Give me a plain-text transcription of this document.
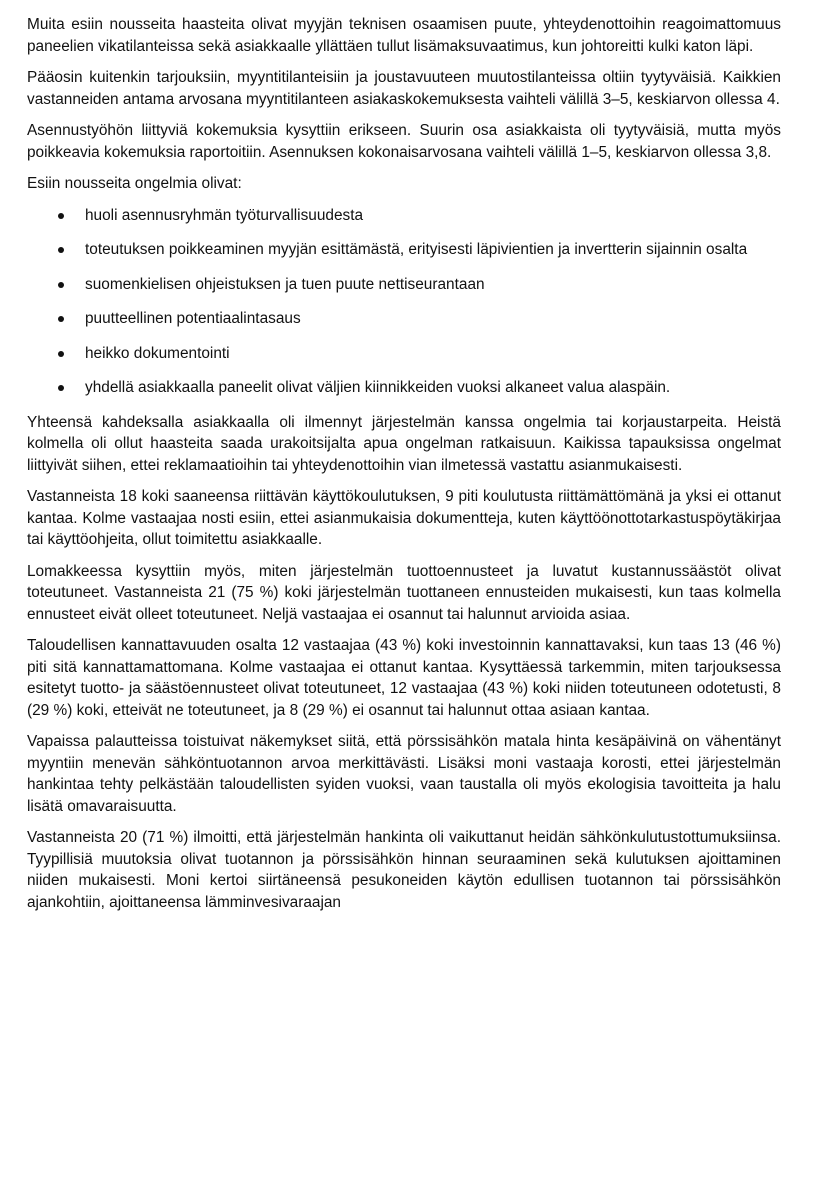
Muita esiin nousseita haasteita olivat myyjän teknisen osaamisen puute, yhteydenottoihin reagoimattomuus paneelien vikatilanteissa sekä asiakkaalle yllättäen tullut lisämaksuvaatimus, kun johtoreitti kulki katon läpi.

Pääosin kuitenkin tarjouksiin, myyntitilanteisiin ja joustavuuteen muutostilanteissa oltiin tyytyväisiä. Kaikkien vastanneiden antama arvosana myyntitilanteen asiakaskokemuksesta vaihteli välillä 3–5, keskiarvon ollessa 4.

Asennustyöhön liittyviä kokemuksia kysyttiin erikseen. Suurin osa asiakkaista oli tyytyväisiä, mutta myös poikkeavia kokemuksia raportoitiin. Asennuksen kokonaisarvosana vaihteli välillä 1–5, keskiarvon ollessa 3,8.

Esiin nousseita ongelmia olivat:

huoli asennusryhmän työturvallisuudesta
toteutuksen poikkeaminen myyjän esittämästä, erityisesti läpivientien ja invertterin sijainnin osalta
suomenkielisen ohjeistuksen ja tuen puute nettiseurantaan
puutteellinen potentiaalintasaus
heikko dokumentointi
yhdellä asiakkaalla paneelit olivat väljien kiinnikkeiden vuoksi alkaneet valua alaspäin.

Yhteensä kahdeksalla asiakkaalla oli ilmennyt järjestelmän kanssa ongelmia tai korjaustarpeita. Heistä kolmella oli ollut haasteita saada urakoitsijalta apua ongelman ratkaisuun. Kaikissa tapauksissa ongelmat liittyivät siihen, ettei reklamaatioihin tai yhteydenottoihin vian ilmetessä vastattu asianmukaisesti.

Vastanneista 18 koki saaneensa riittävän käyttökoulutuksen, 9 piti koulutusta riittämättömänä ja yksi ei ottanut kantaa. Kolme vastaajaa nosti esiin, ettei asianmukaisia dokumentteja, kuten käyttöönottotarkastuspöytäkirjaa tai käyttöohjeita, ollut toimitettu asiakkaalle.

Lomakkeessa kysyttiin myös, miten järjestelmän tuottoennusteet ja luvatut kustannussäästöt olivat toteutuneet. Vastanneista 21 (75 %) koki järjestelmän tuottaneen ennusteiden mukaisesti, kun taas kolmella ennusteet eivät olleet toteutuneet. Neljä vastaajaa ei osannut tai halunnut arvioida asiaa.

Taloudellisen kannattavuuden osalta 12 vastaajaa (43 %) koki investoinnin kannattavaksi, kun taas 13 (46 %) piti sitä kannattamattomana. Kolme vastaajaa ei ottanut kantaa. Kysyttäessä tarkemmin, miten tarjouksessa esitetyt tuotto- ja säästöennusteet olivat toteutuneet, 12 vastaajaa (43 %) koki niiden toteutuneen odotetusti, 8 (29 %) koki, etteivät ne toteutuneet, ja 8 (29 %) ei osannut tai halunnut ottaa asiaan kantaa.

Vapaissa palautteissa toistuivat näkemykset siitä, että pörssisähkön matala hinta kesäpäivinä on vähentänyt myyntiin menevän sähköntuotannon arvoa merkittävästi. Lisäksi moni vastaaja korosti, ettei järjestelmän hankintaa tehty pelkästään taloudellisten syiden vuoksi, vaan taustalla oli myös ekologisia tavoitteita ja halu lisätä omavaraisuutta.

Vastanneista 20 (71 %) ilmoitti, että järjestelmän hankinta oli vaikuttanut heidän sähkönkulutustottumuksiinsa. Tyypillisiä muutoksia olivat tuotannon ja pörssisähkön hinnan seuraaminen sekä kulutuksen ajoittaminen niiden mukaisesti. Moni kertoi siirtäneensä pesukoneiden käytön edullisen tuotannon tai pörssisähkön ajankohtiin, ajoittaneensa lämminvesivaraajan
